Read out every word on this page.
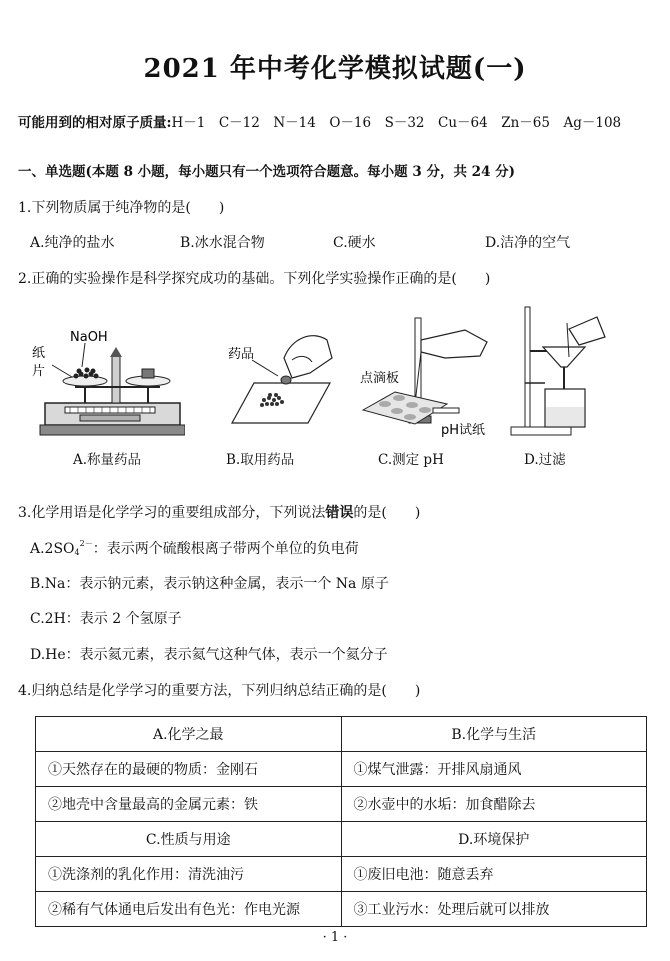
2021 年中考化学模拟试题(一)
可能用到的相对原子质量:H－1　C－12　N－14　O－16　S－32　Cu－64　Zn－65　Ag－108
一、单选题(本题 8 小题，每小题只有一个选项符合题意。每小题 3 分，共 24 分)
1.下列物质属于纯净物的是(　　)
A.纯净的盐水	B.冰水混合物	C.硬水	D.洁净的空气
2.正确的实验操作是科学探究成功的基础。下列化学实验操作正确的是(　　)
NaOH
纸
片
药品
点滴板
pH试纸
A.称量药品	B.取用药品	C.测定 pH	D.过滤
3.化学用语是化学学习的重要组成部分，下列说法错误的是(　　)
$A.2SO_4^{2-}$：表示两个硫酸根离子带两个单位的负电荷
B.Na：表示钠元素，表示钠这种金属，表示一个 Na 原子
C.2H：表示 2 个氢原子
D.He：表示氦元素，表示氦气这种气体，表示一个氦分子
4.归纳总结是化学学习的重要方法，下列归纳总结正确的是(　　)
A.化学之最	B.化学与生活
①天然存在的最硬的物质：金刚石	①煤气泄露：开排风扇通风
②地壳中含量最高的金属元素：铁	②水壶中的水垢：加食醋除去
C.性质与用途	D.环境保护
①洗涤剂的乳化作用：清洗油污	①废旧电池：随意丢弃
②稀有气体通电后发出有色光：作电光源	③工业污水：处理后就可以排放
· 1 ·
